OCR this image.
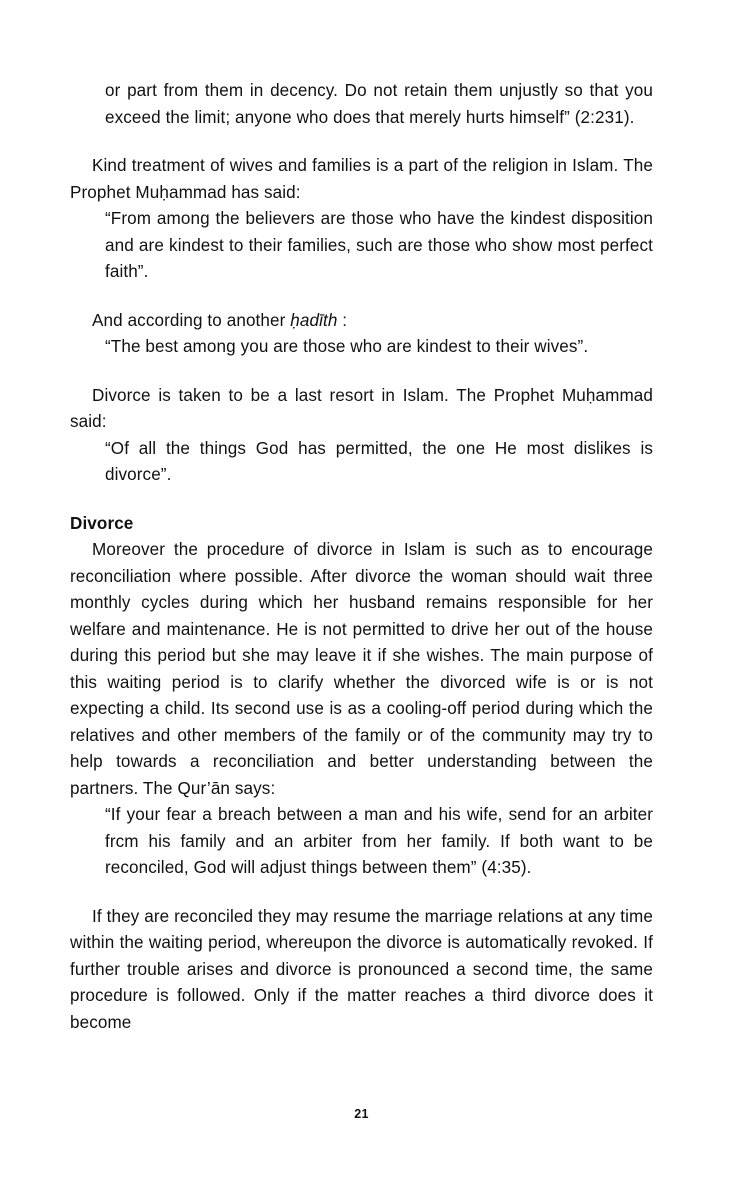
or part from them in decency. Do not retain them unjustly so that you exceed the limit; anyone who does that merely hurts himself” (2:231).

Kind treatment of wives and families is a part of the religion in Islam. The Prophet Muḥammad has said:

“From among the believers are those who have the kindest disposition and are kindest to their families, such are those who show most perfect faith”.

And according to another ḥadīth :

“The best among you are those who are kindest to their wives”.

Divorce is taken to be a last resort in Islam. The Prophet Muḥammad said:

“Of all the things God has permitted, the one He most dislikes is divorce”.

Divorce

Moreover the procedure of divorce in Islam is such as to encourage reconciliation where possible. After divorce the woman should wait three monthly cycles during which her husband remains responsible for her welfare and maintenance. He is not permitted to drive her out of the house during this period but she may leave it if she wishes. The main purpose of this waiting period is to clarify whether the divorced wife is or is not expecting a child. Its second use is as a cooling-off period during which the relatives and other members of the family or of the community may try to help towards a reconciliation and better understanding between the partners. The Qur’ān says:

“If your fear a breach between a man and his wife, send for an arbiter frcm his family and an arbiter from her family. If both want to be reconciled, God will adjust things between them” (4:35).

If they are reconciled they may resume the marriage relations at any time within the waiting period, whereupon the divorce is automatically revoked. If further trouble arises and divorce is pronounced a second time, the same procedure is followed. Only if the matter reaches a third divorce does it become

21
